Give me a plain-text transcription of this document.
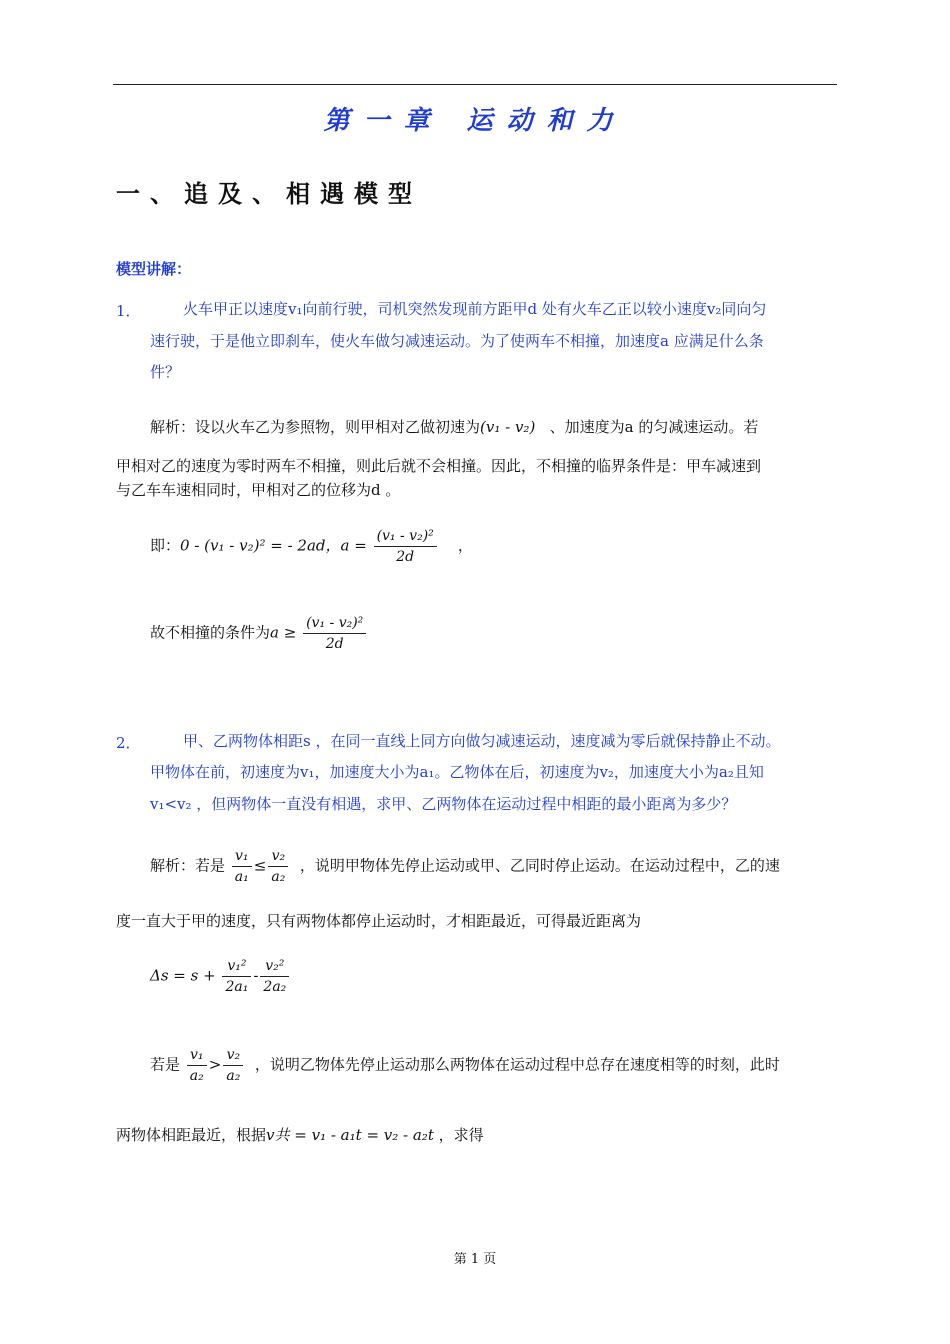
第一章 运动和力
一、追及、相遇模型
模型讲解：
1．	火车甲正以速度v₁向前行驶，司机突然发现前方距甲d 处有火车乙正以较小速度v₂同向匀
速行驶，于是他立即刹车，使火车做匀减速运动。为了使两车不相撞，加速度a 应满足什么条
件？
解析：设以火车乙为参照物，则甲相对乙做初速为(v₁ - v₂) 、加速度为a 的匀减速运动。若
甲相对乙的速度为零时两车不相撞，则此后就不会相撞。因此，不相撞的临界条件是：甲车减速到
与乙车车速相同时，甲相对乙的位移为d 。
即：0 - (v₁ - v₂)² = - 2ad，$a = \frac{\text{(v₁ - v₂)²}}{2d}$ ，
故不相撞的条件为$a \ge \frac{\text{(v₁ - v₂)²}}{2d}$
2．	甲、乙两物体相距s ，在同一直线上同方向做匀减速运动，速度减为零后就保持静止不动。
甲物体在前，初速度为v₁，加速度大小为a₁。乙物体在后，初速度为v₂，加速度大小为a₂且知
v₁<v₂ ，但两物体一直没有相遇，求甲、乙两物体在运动过程中相距的最小距离为多少？
解析：若是 $\frac{\text{v₁}}{\text{a₁}} \le \frac{\text{v₂}}{\text{a₂}}$ ，说明甲物体先停止运动或甲、乙同时停止运动。在运动过程中，乙的速
度一直大于甲的速度，只有两物体都停止运动时，才相距最近，可得最近距离为
$\Delta s = s + \frac{\text{v₁²}}{\text{2a₁}} - \frac{\text{v₂²}}{\text{2a₂}}$
若是 $\frac{\text{v₁}}{\text{a₂}} > \frac{\text{v₂}}{\text{a₂}}$ ，说明乙物体先停止运动那么两物体在运动过程中总存在速度相等的时刻，此时
两物体相距最近，根据v共 = v₁ - a₁t = v₂ - a₂t ，求得
第 1 页
